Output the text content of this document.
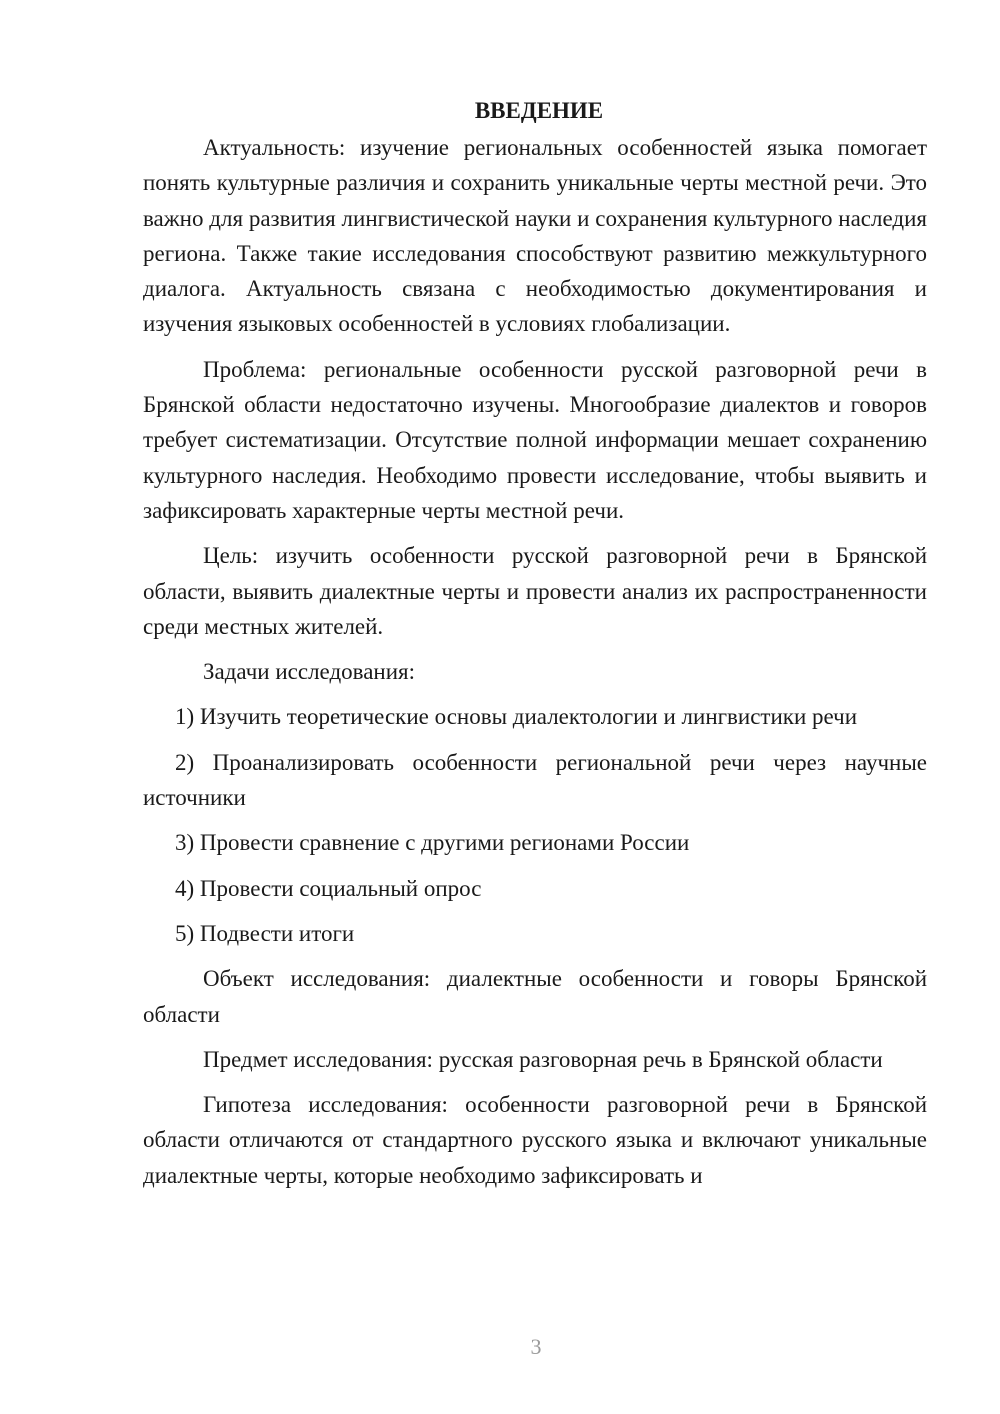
ВВЕДЕНИЕ

Актуальность: изучение региональных особенностей языка помогает понять культурные различия и сохранить уникальные черты местной речи. Это важно для развития лингвистической науки и сохранения культурного наследия региона. Также такие исследования способствуют развитию межкультурного диалога. Актуальность связана с необходимостью документирования и изучения языковых особенностей в условиях глобализации.

Проблема: региональные особенности русской разговорной речи в Брянской области недостаточно изучены. Многообразие диалектов и говоров требует систематизации. Отсутствие полной информации мешает сохранению культурного наследия. Необходимо провести исследование, чтобы выявить и зафиксировать характерные черты местной речи.

Цель: изучить особенности русской разговорной речи в Брянской области, выявить диалектные черты и провести анализ их распространенности среди местных жителей.

Задачи исследования:

1) Изучить теоретические основы диалектологии и лингвистики речи

2) Проанализировать особенности региональной речи через научные источники

3) Провести сравнение с другими регионами России

4) Провести социальный опрос

5) Подвести итоги

Объект исследования: диалектные особенности и говоры Брянской области

Предмет исследования: русская разговорная речь в Брянской области

Гипотеза исследования: особенности разговорной речи в Брянской области отличаются от стандартного русского языка и включают уникальные диалектные черты, которые необходимо зафиксировать и

3
